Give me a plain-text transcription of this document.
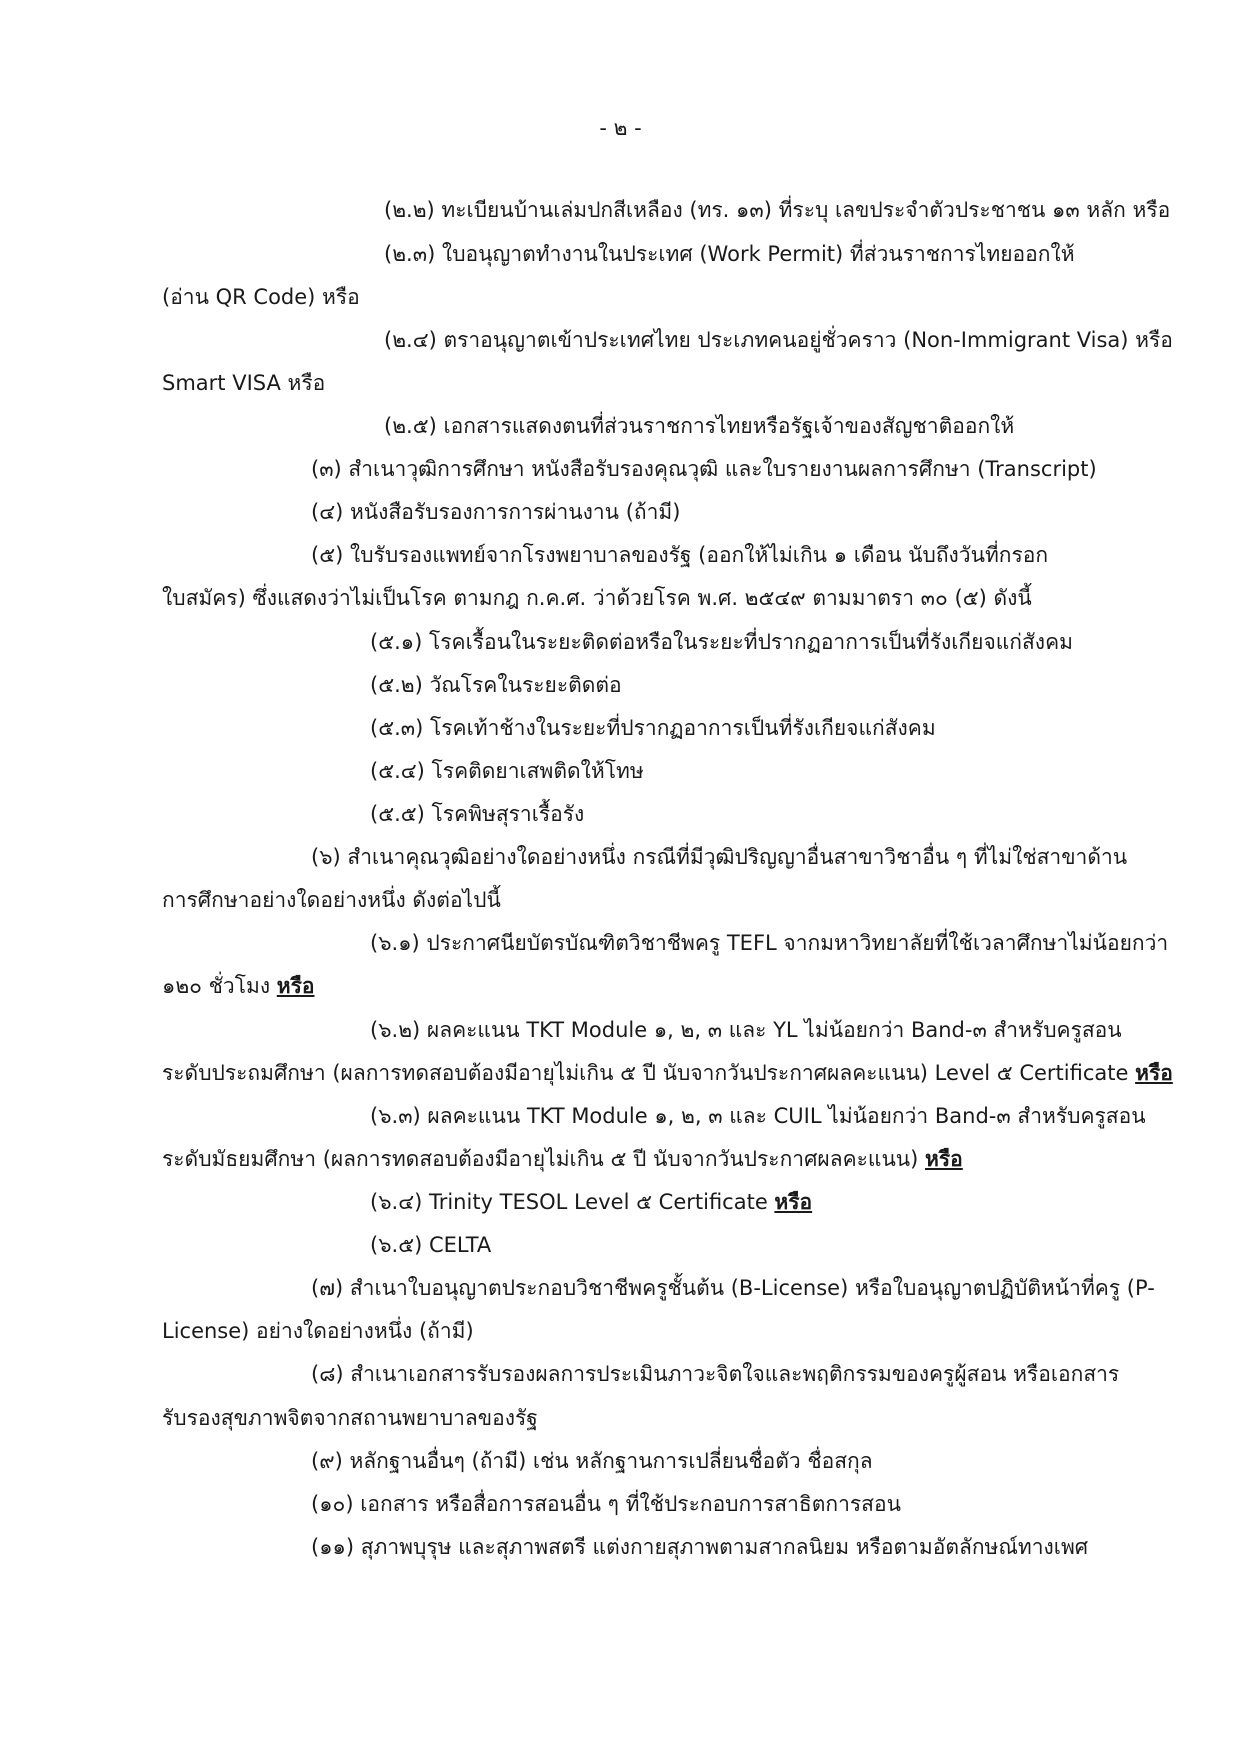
- ๒ -
(๒.๒) ทะเบียนบ้านเล่มปกสีเหลือง (ทร. ๑๓) ที่ระบุ เลขประจำตัวประชาชน ๑๓ หลัก หรือ
(๒.๓) ใบอนุญาตทำงานในประเทศ (Work Permit) ที่ส่วนราชการไทยออกให้
(อ่าน QR Code) หรือ
(๒.๔) ตราอนุญาตเข้าประเทศไทย ประเภทคนอยู่ชั่วคราว (Non-Immigrant Visa) หรือ
Smart VISA หรือ
(๒.๕) เอกสารแสดงตนที่ส่วนราชการไทยหรือรัฐเจ้าของสัญชาติออกให้
(๓) สำเนาวุฒิการศึกษา หนังสือรับรองคุณวุฒิ และใบรายงานผลการศึกษา (Transcript)
(๔) หนังสือรับรองการการผ่านงาน (ถ้ามี)
(๕) ใบรับรองแพทย์จากโรงพยาบาลของรัฐ (ออกให้ไม่เกิน ๑ เดือน นับถึงวันที่กรอก
ใบสมัคร) ซึ่งแสดงว่าไม่เป็นโรค ตามกฎ ก.ค.ศ. ว่าด้วยโรค พ.ศ. ๒๕๔๙ ตามมาตรา ๓๐ (๕) ดังนี้
(๕.๑) โรคเรื้อนในระยะติดต่อหรือในระยะที่ปรากฏอาการเป็นที่รังเกียจแก่สังคม
(๕.๒) วัณโรคในระยะติดต่อ
(๕.๓) โรคเท้าช้างในระยะที่ปรากฏอาการเป็นที่รังเกียจแก่สังคม
(๕.๔) โรคติดยาเสพติดให้โทษ
(๕.๕) โรคพิษสุราเรื้อรัง
(๖) สำเนาคุณวุฒิอย่างใดอย่างหนึ่ง กรณีที่มีวุฒิปริญญาอื่นสาขาวิชาอื่น ๆ ที่ไม่ใช่สาขาด้าน
การศึกษาอย่างใดอย่างหนึ่ง ดังต่อไปนี้
(๖.๑) ประกาศนียบัตรบัณฑิตวิชาชีพครู TEFL จากมหาวิทยาลัยที่ใช้เวลาศึกษาไม่น้อยกว่า
๑๒๐ ชั่วโมง หรือ
(๖.๒) ผลคะแนน TKT Module ๑, ๒, ๓ และ YL ไม่น้อยกว่า Band-๓ สำหรับครูสอน
ระดับประถมศึกษา (ผลการทดสอบต้องมีอายุไม่เกิน ๕ ปี นับจากวันประกาศผลคะแนน) Level ๕ Certificate หรือ
(๖.๓) ผลคะแนน TKT Module ๑, ๒, ๓ และ CUIL ไม่น้อยกว่า Band-๓ สำหรับครูสอน
ระดับมัธยมศึกษา (ผลการทดสอบต้องมีอายุไม่เกิน ๕ ปี นับจากวันประกาศผลคะแนน) หรือ
(๖.๔) Trinity TESOL Level ๕ Certificate หรือ
(๖.๕) CELTA
(๗) สำเนาใบอนุญาตประกอบวิชาชีพครูชั้นต้น (B-License) หรือใบอนุญาตปฏิบัติหน้าที่ครู (P-
License) อย่างใดอย่างหนึ่ง (ถ้ามี)
(๘) สำเนาเอกสารรับรองผลการประเมินภาวะจิตใจและพฤติกรรมของครูผู้สอน หรือเอกสาร
รับรองสุขภาพจิตจากสถานพยาบาลของรัฐ
(๙) หลักฐานอื่นๆ (ถ้ามี) เช่น หลักฐานการเปลี่ยนชื่อตัว ชื่อสกุล
(๑๐) เอกสาร หรือสื่อการสอนอื่น ๆ ที่ใช้ประกอบการสาธิตการสอน
(๑๑) สุภาพบุรุษ และสุภาพสตรี แต่งกายสุภาพตามสากลนิยม หรือตามอัตลักษณ์ทางเพศ
